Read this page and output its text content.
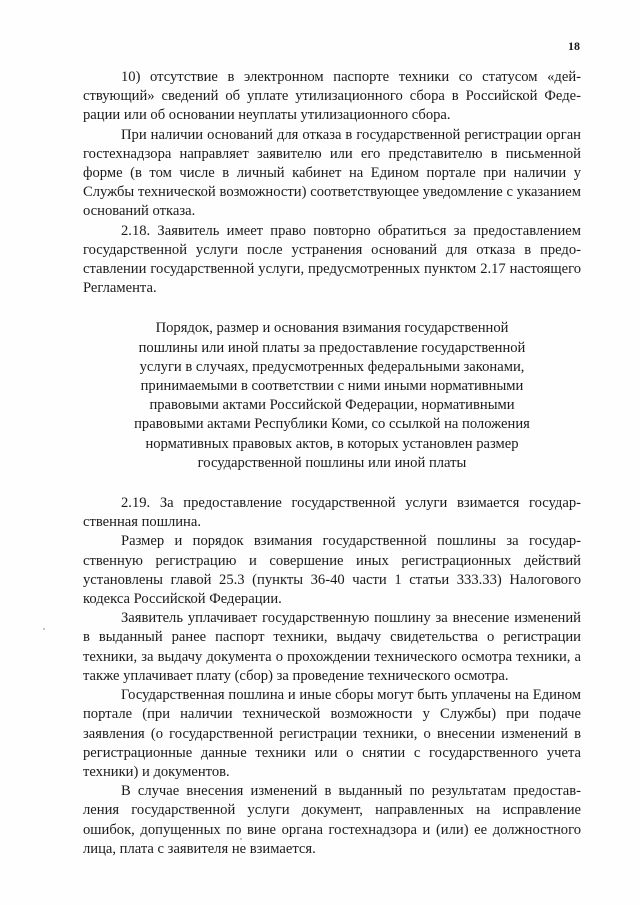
18

10) отсутствие в электронном паспорте техники со статусом «действующий» сведений об уплате утилизационного сбора в Российской Федерации или об основании неуплаты утилизационного сбора.

При наличии оснований для отказа в государственной регистрации орган гостехнадзора направляет заявителю или его представителю в письменной форме (в том числе в личный кабинет на Едином портале при наличии у Службы технической возможности) соответствующее уведомление с указанием оснований отказа.

2.18. Заявитель имеет право повторно обратиться за предоставлением государственной услуги после устранения оснований для отказа в предоставлении государственной услуги, предусмотренных пунктом 2.17 настоящего Регламента.

Порядок, размер и основания взимания государственной
пошлины или иной платы за предоставление государственной
услуги в случаях, предусмотренных федеральными законами,
принимаемыми в соответствии с ними иными нормативными
правовыми актами Российской Федерации, нормативными
правовыми актами Республики Коми, со ссылкой на положения
нормативных правовых актов, в которых установлен размер
государственной пошлины или иной платы

2.19. За предоставление государственной услуги взимается государственная пошлина.

Размер и порядок взимания государственной пошлины за государственную регистрацию и совершение иных регистрационных действий установлены главой 25.3 (пункты 36-40 части 1 статьи 333.33) Налогового кодекса Российской Федерации.

Заявитель уплачивает государственную пошлину за внесение изменений в выданный ранее паспорт техники, выдачу свидетельства о регистрации техники, за выдачу документа о прохождении технического осмотра техники, а также уплачивает плату (сбор) за проведение технического осмотра.

Государственная пошлина и иные сборы могут быть уплачены на Едином портале (при наличии технической возможности у Службы) при подаче заявления (о государственной регистрации техники, о внесении изменений в регистрационные данные техники или о снятии с государственного учета техники) и документов.

В случае внесения изменений в выданный по результатам предоставления государственной услуги документ, направленных на исправление ошибок, допущенных по вине органа гостехнадзора и (или) ее должностного лица, плата с заявителя не взимается.
